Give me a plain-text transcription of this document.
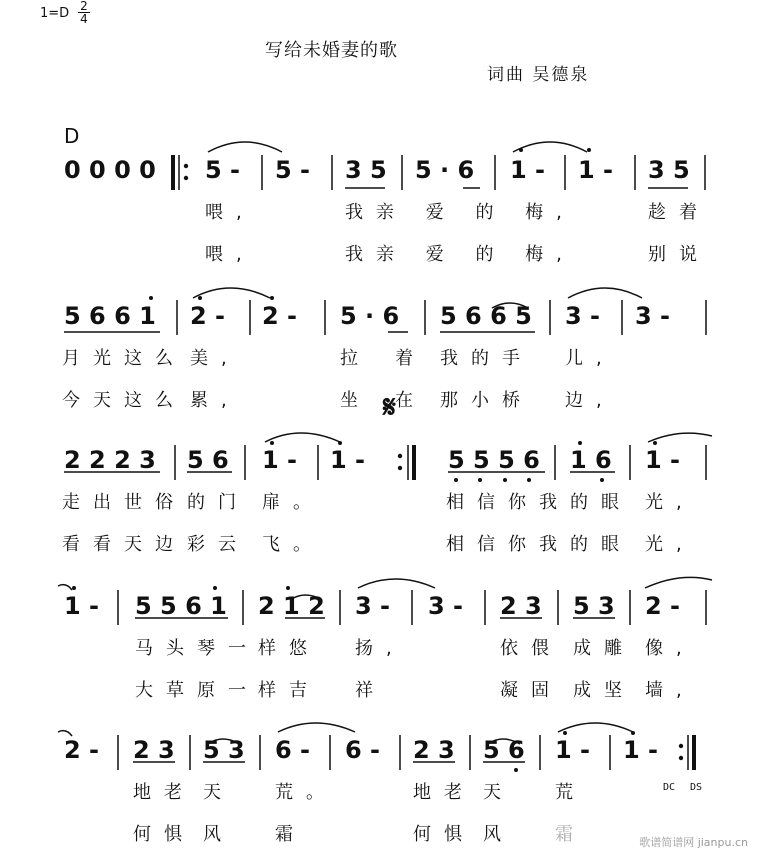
1=D 2
4
写给未婚妻的歌
词曲 吴德泉
D
0 0 0 0 5 - 5 - 3 5 5 · 6 1 - 1 - 3 5
喂,	我亲 爱 的 梅,	趁着
喂,	我亲 爱 的 梅,	别说
5 6 6 1 2 - 2 - 5 · 6 5 6 6 5 3 - 3 -
月光这么 美,	拉 着 我的手 儿,
今天这么 累,	坐 在 那小桥 边,
𝄋
2 2 2 3 5 6 1 - 1 -	5 5 5 6 1 6 1 -
走出世俗 的门 扉。	相信你我 的眼 光,
看看天边 彩云 飞。	相信你我 的眼 光,
1 - 5 5 6 1 2 1 2 3 - 3 - 2 3 5 3 2 -
马头琴一 样悠 扬,	依偎 成雕 像,
大草原一 样吉 祥	凝固 成坚 墙,
2 - 2 3 5 3 6 - 6 - 2 3 5 6 1 - 1 -
地老 天 荒。	地老 天 荒
何惧 风 霜	何惧 风 霜
DC DS
歌谱简谱网 jianpu.cn
